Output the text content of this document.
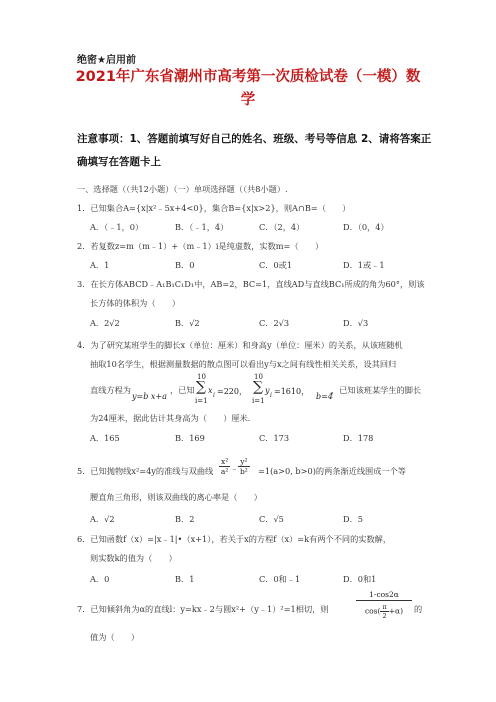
绝密★启用前
2021年广东省潮州市高考第一次质检试卷（一模）数
学
注意事项：1、答题前填写好自己的姓名、班级、考号等信息 2、请将答案正
确填写在答题卡上
一、选择题（（共12小题）（一）单项选择题（（共8小题）.
1．已知集合A={x|x²﹣5x+4<0}，集合B={x|x>2}，则A∩B=（　　）
A．（﹣1，0）	B．（﹣1，4）	C．（2，4）	D．（0，4）
2．若复数z=m（m﹣1）+（m﹣1）i是纯虚数，实数m=（　　）
A．1	B．0	C．0或1	D．1或﹣1
3．在长方体ABCD﹣A₁B₁C₁D₁中，AB=2，BC=1，直线AD与直线BC₁所成的角为60°，则该
长方体的体积为（　　）
A．2√2	B．√2	C．2√3	D．√3
4．为了研究某班学生的脚长x（单位：厘米）和身高y（单位：厘米）的关系，从该班随机
抽取10名学生，根据测量数据的散点图可以看出y与x之间有线性相关关系，设其回归
直线方程为
y=b x+a
，已知
10
∑ x
i =220，
i=1
10
∑ y
i =1610，
i=1	b=4
，已知该班某学生的脚长
为24厘米，据此估计其身高为（　　）厘米.
A．165	B．169	C．173	D．178
5．已知抛物线x²=4y的准线与双曲线 $\frac{\text{x²}}{\text{a²}}$ ﹣ $\frac{\text{y²}}{\text{b²}} =1(a>0$, b>0)的两条渐近线围成一个等
腰直角三角形，则该双曲线的离心率是（　　）
A．√2	B．2	C．√5	D．5
6．已知函数f（x）=|x﹣1|•（x+1），若关于x的方程f（x）=k有两个不同的实数解，
则实数k的值为（　　）
A．0	B．1	C．0和﹣1	D．0和1
7．已知倾斜角为α的直线l：y=kx﹣2与圆x²+（y﹣1）²=1相切，则	$\frac{1-\cos 2\alpha}{\cos( \frac{\pi}{2} +\alpha)}$ 的
值为（　　）
